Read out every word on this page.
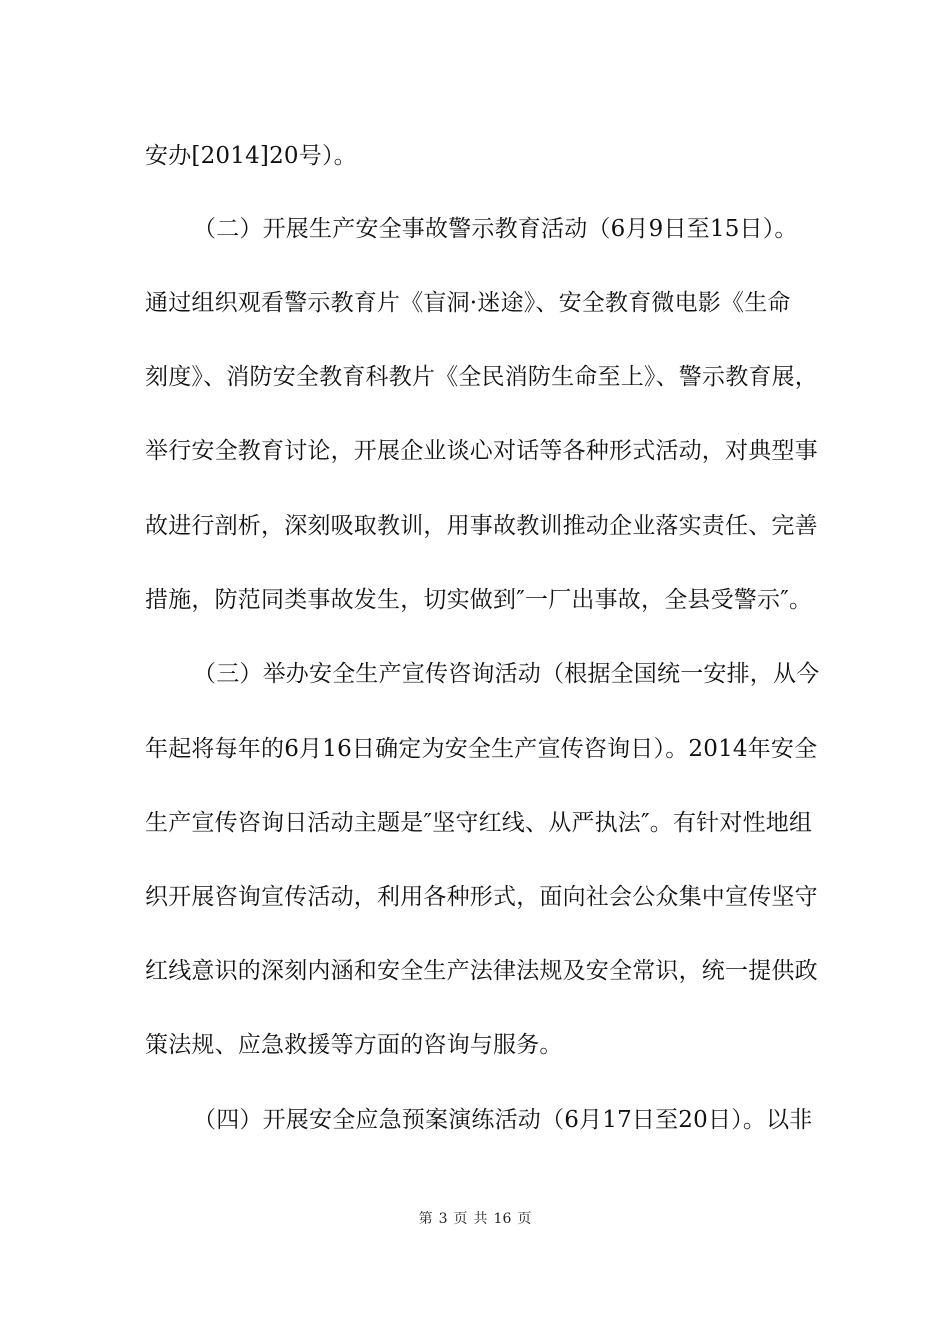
安办[2014]20号）。
（二）开展生产安全事故警示教育活动（6月9日至15日）。
通过组织观看警示教育片《盲洞·迷途》、安全教育微电影《生命
刻度》、消防安全教育科教片《全民消防生命至上》、警示教育展，
举行安全教育讨论，开展企业谈心对话等各种形式活动，对典型事
故进行剖析，深刻吸取教训，用事故教训推动企业落实责任、完善
措施，防范同类事故发生，切实做到″一厂出事故，全县受警示″。
（三）举办安全生产宣传咨询活动（根据全国统一安排，从今
年起将每年的6月16日确定为安全生产宣传咨询日）。2014年安全
生产宣传咨询日活动主题是″坚守红线、从严执法″。有针对性地组
织开展咨询宣传活动，利用各种形式，面向社会公众集中宣传坚守
红线意识的深刻内涵和安全生产法律法规及安全常识，统一提供政
策法规、应急救援等方面的咨询与服务。
（四）开展安全应急预案演练活动（6月17日至20日）。以非
第 3 页 共 16 页
